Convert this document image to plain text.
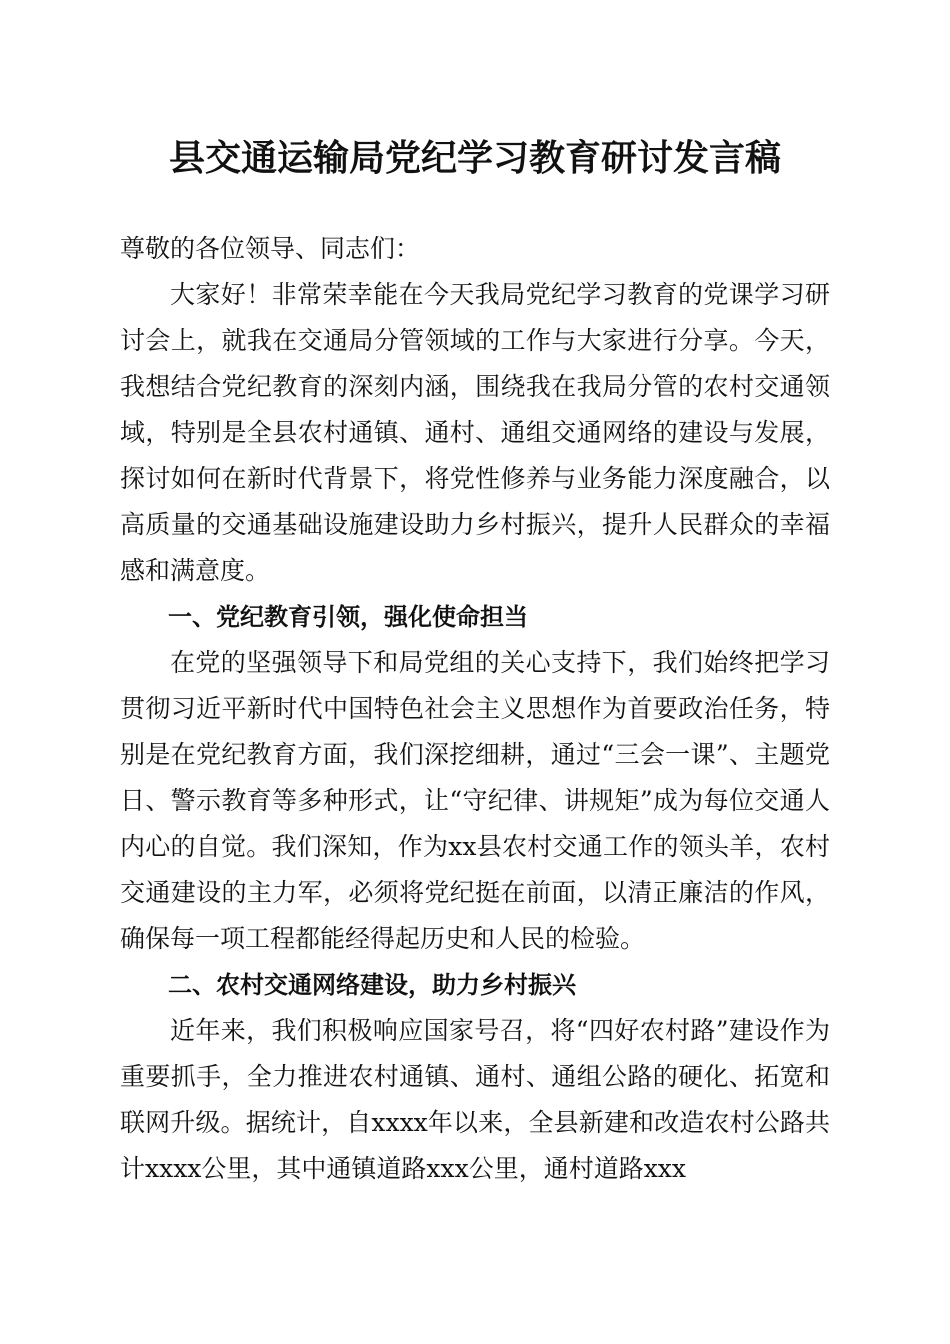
县交通运输局党纪学习教育研讨发言稿

尊敬的各位领导、同志们：

大家好！非常荣幸能在今天我局党纪学习教育的党课学习研讨会上，就我在交通局分管领域的工作与大家进行分享。今天，我想结合党纪教育的深刻内涵，围绕我在我局分管的农村交通领域，特别是全县农村通镇、通村、通组交通网络的建设与发展，探讨如何在新时代背景下，将党性修养与业务能力深度融合，以高质量的交通基础设施建设助力乡村振兴，提升人民群众的幸福感和满意度。

一、党纪教育引领，强化使命担当

在党的坚强领导下和局党组的关心支持下，我们始终把学习贯彻习近平新时代中国特色社会主义思想作为首要政治任务，特别是在党纪教育方面，我们深挖细耕，通过“三会一课”、主题党日、警示教育等多种形式，让“守纪律、讲规矩”成为每位交通人内心的自觉。我们深知，作为xx县农村交通工作的领头羊，农村交通建设的主力军，必须将党纪挺在前面，以清正廉洁的作风，确保每一项工程都能经得起历史和人民的检验。

二、农村交通网络建设，助力乡村振兴

近年来，我们积极响应国家号召，将“四好农村路”建设作为重要抓手，全力推进农村通镇、通村、通组公路的硬化、拓宽和联网升级。据统计，自xxxx年以来，全县新建和改造农村公路共计xxxx公里，其中通镇道路xxx公里，通村道路xxx
